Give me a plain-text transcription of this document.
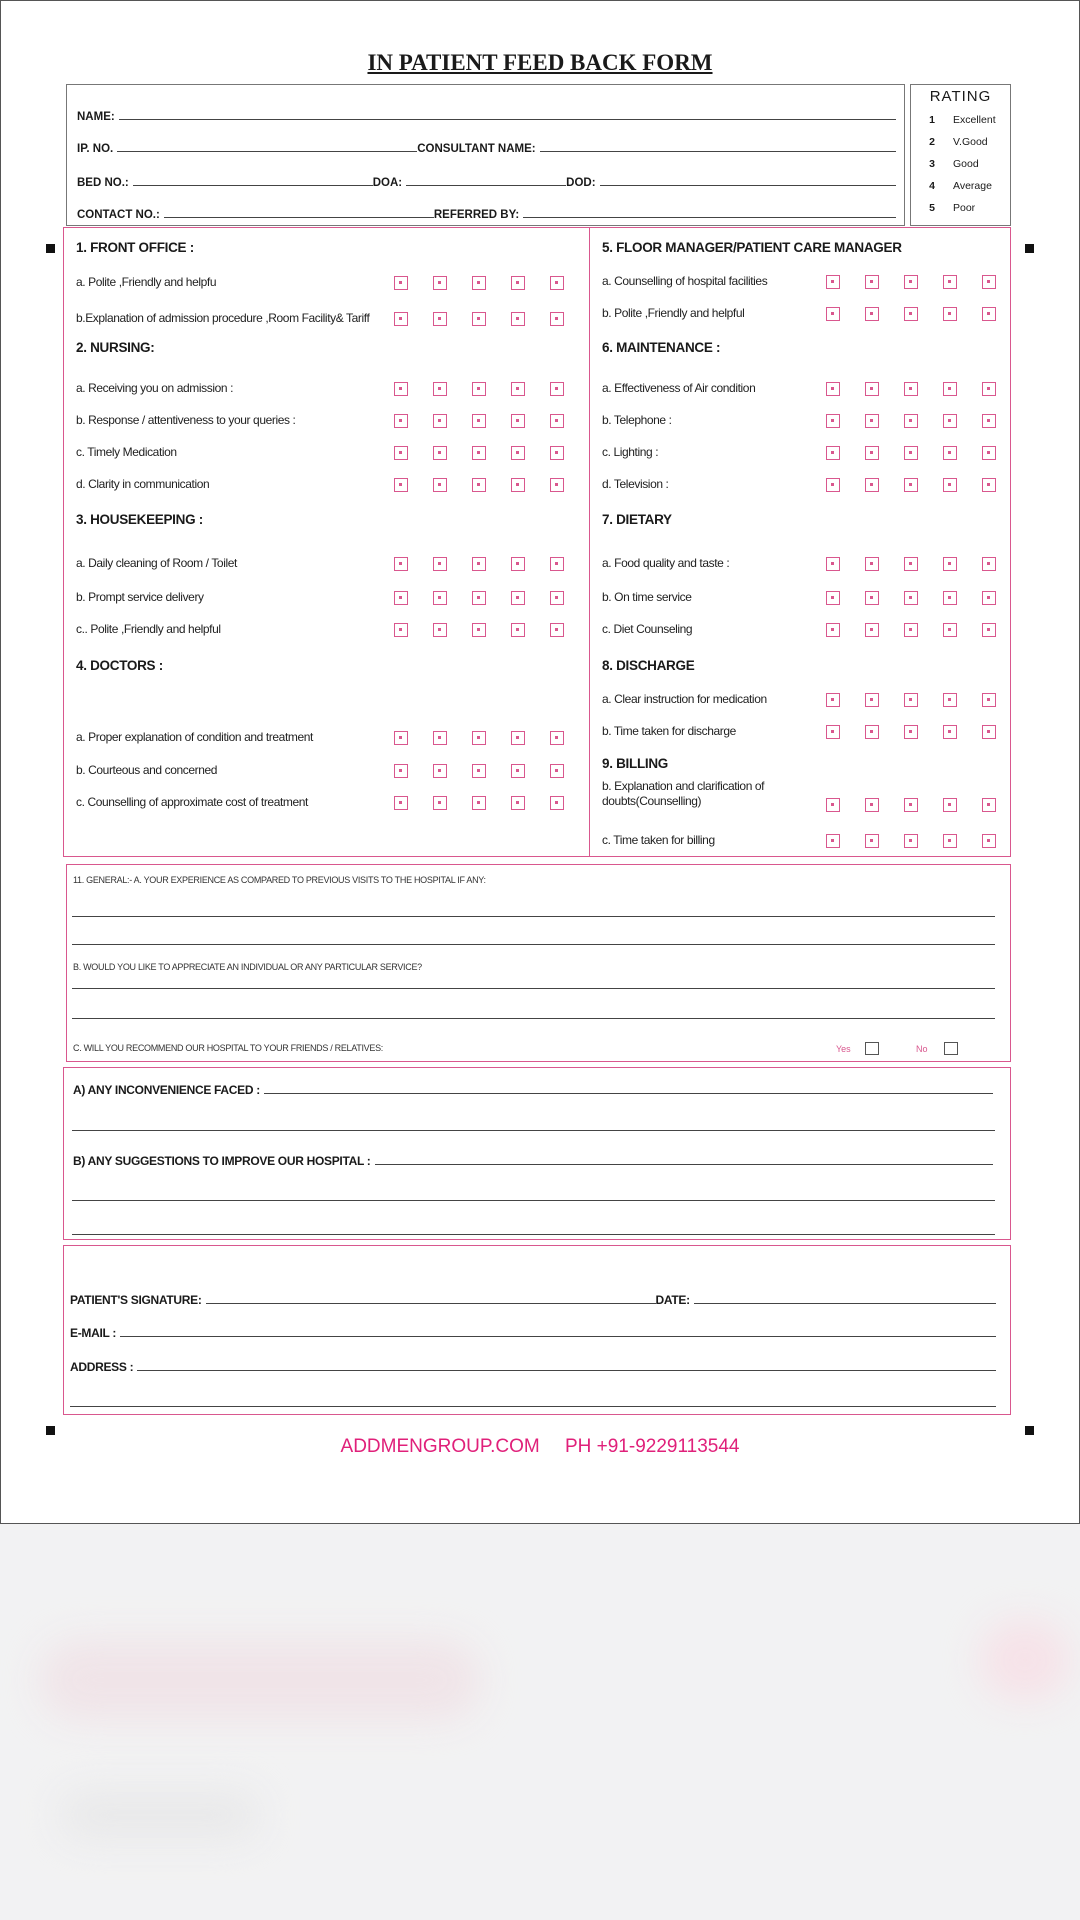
IN PATIENT FEED BACK FORM
NAME:
IP. NO.	CONSULTANT NAME:
BED NO.:	DOA:	DOD:
CONTACT NO.:	REFERRED BY:
RATING
1	Excellent
2	V.Good
3	Good
4	Average
5	Poor
1. FRONT OFFICE :
a. Polite ,Friendly and helpfu
b.Explanation of admission procedure ,Room Facility& Tariff
2. NURSING:
a. Receiving you on admission :
b. Response / attentiveness to your queries :
c. Timely Medication
d. Clarity in communication
3. HOUSEKEEPING :
a. Daily cleaning of Room / Toilet
b. Prompt service delivery
c.. Polite ,Friendly and helpful
4. DOCTORS :
a. Proper explanation of condition and treatment
b. Courteous and concerned
c. Counselling of approximate cost of treatment
5. FLOOR MANAGER/PATIENT CARE MANAGER
a. Counselling of hospital facilities
b. Polite ,Friendly and helpful
6. MAINTENANCE :
a. Effectiveness of Air condition
b. Telephone :
c. Lighting :
d. Television :
7. DIETARY
a. Food quality and taste :
b. On time service
c. Diet Counseling
8. DISCHARGE
a. Clear instruction for medication
b. Time taken for discharge
9. BILLING
b. Explanation and clarification of doubts(Counselling)
c. Time taken for billing
11. GENERAL:- A. YOUR EXPERIENCE AS COMPARED TO PREVIOUS VISITS TO THE HOSPITAL IF ANY:
B. WOULD YOU LIKE TO APPRECIATE AN INDIVIDUAL OR ANY PARTICULAR SERVICE?
C. WILL YOU RECOMMEND OUR HOSPITAL TO YOUR FRIENDS / RELATIVES:	Yes	No
A) ANY INCONVENIENCE FACED :
B) ANY SUGGESTIONS TO IMPROVE OUR HOSPITAL :
PATIENT'S SIGNATURE:	DATE:
E-MAIL :
ADDRESS :
ADDMENGROUP.COM PH +91-9229113544
